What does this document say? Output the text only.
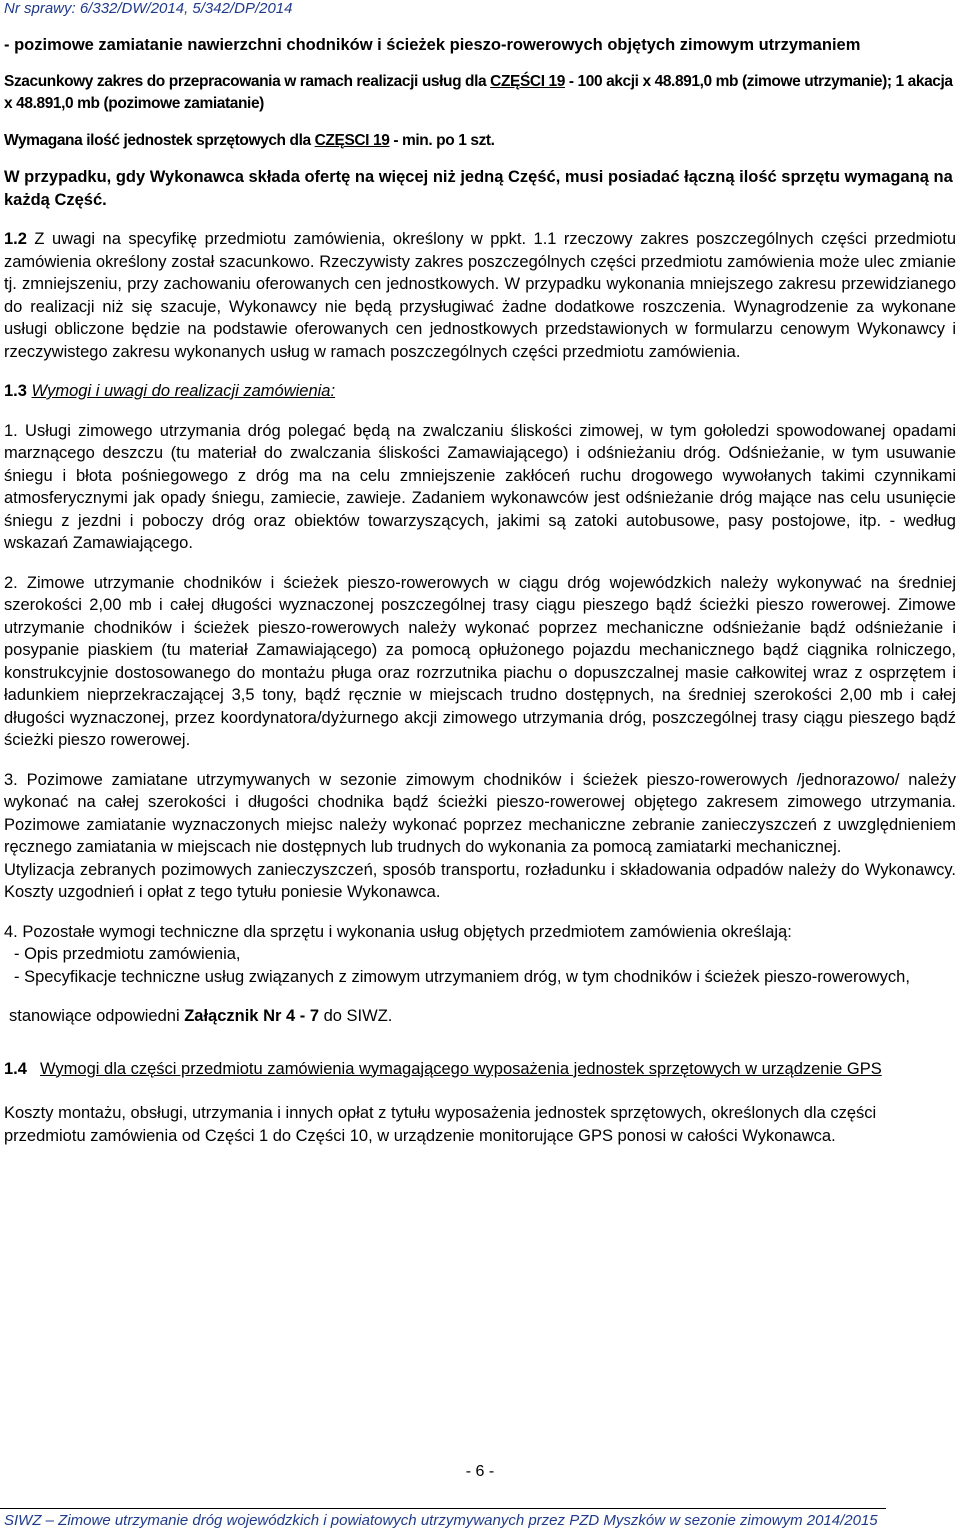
Nr sprawy: 6/332/DW/2014, 5/342/DP/2014

- pozimowe zamiatanie nawierzchni chodników i ścieżek pieszo-rowerowych objętych zimowym utrzymaniem

Szacunkowy zakres do przepracowania w ramach realizacji usług dla CZĘŚCI 19 - 100 akcji x 48.891,0 mb (zimowe utrzymanie); 1 akacja x 48.891,0 mb (pozimowe zamiatanie)

Wymagana ilość jednostek sprzętowych dla CZĘSCI 19 - min. po 1 szt.

W przypadku, gdy Wykonawca składa ofertę na więcej niż jedną Część, musi posiadać łączną ilość sprzętu wymaganą na każdą Część.

1.2 Z uwagi na specyfikę przedmiotu zamówienia, określony w ppkt. 1.1 rzeczowy zakres poszczególnych części przedmiotu zamówienia określony został szacunkowo. Rzeczywisty zakres poszczególnych części przedmiotu zamówienia może ulec zmianie tj. zmniejszeniu, przy zachowaniu oferowanych cen jednostkowych. W przypadku wykonania mniejszego zakresu przewidzianego do realizacji niż się szacuje, Wykonawcy nie będą przysługiwać żadne dodatkowe roszczenia. Wynagrodzenie za wykonane usługi obliczone będzie na podstawie oferowanych cen jednostkowych przedstawionych w formularzu cenowym Wykonawcy i rzeczywistego zakresu wykonanych usług w ramach poszczególnych części przedmiotu zamówienia.

1.3 Wymogi i uwagi do realizacji zamówienia:

1. Usługi zimowego utrzymania dróg polegać będą na zwalczaniu śliskości zimowej, w tym gołoledzi spowodowanej opadami marznącego deszczu (tu materiał do zwalczania śliskości Zamawiającego) i odśnieżaniu dróg. Odśnieżanie, w tym usuwanie śniegu i błota pośniegowego z dróg ma na celu zmniejszenie zakłóceń ruchu drogowego wywołanych takimi czynnikami atmosferycznymi jak opady śniegu, zamiecie, zawieje. Zadaniem wykonawców jest odśnieżanie dróg mające nas celu usunięcie śniegu z jezdni i poboczy dróg oraz obiektów towarzyszących, jakimi są zatoki autobusowe, pasy postojowe, itp. - według wskazań Zamawiającego.

2. Zimowe utrzymanie chodników i ścieżek pieszo-rowerowych w ciągu dróg wojewódzkich należy wykonywać na średniej szerokości 2,00 mb i całej długości wyznaczonej poszczególnej trasy ciągu pieszego bądź ścieżki pieszo rowerowej. Zimowe utrzymanie chodników i ścieżek pieszo-rowerowych należy wykonać poprzez mechaniczne odśnieżanie bądź odśnieżanie i posypanie piaskiem (tu materiał Zamawiającego) za pomocą opłużonego pojazdu mechanicznego bądź ciągnika rolniczego, konstrukcyjnie dostosowanego do montażu pługa oraz rozrzutnika piachu o dopuszczalnej masie całkowitej wraz z osprzętem i ładunkiem nieprzekraczającej 3,5 tony, bądź ręcznie w miejscach trudno dostępnych, na średniej szerokości 2,00 mb i całej długości wyznaczonej, przez koordynatora/dyżurnego akcji zimowego utrzymania dróg, poszczególnej trasy ciągu pieszego bądź ścieżki pieszo rowerowej.

3. Pozimowe zamiatane utrzymywanych w sezonie zimowym chodników i ścieżek pieszo-rowerowych /jednorazowo/ należy wykonać na całej szerokości i długości chodnika bądź ścieżki pieszo-rowerowej objętego zakresem zimowego utrzymania. Pozimowe zamiatanie wyznaczonych miejsc należy wykonać poprzez mechaniczne zebranie zanieczyszczeń z uwzględnieniem ręcznego zamiatania w miejscach nie dostępnych lub trudnych do wykonania za pomocą zamiatarki mechanicznej.

Utylizacja zebranych pozimowych zanieczyszczeń, sposób transportu, rozładunku i składowania odpadów należy do Wykonawcy. Koszty uzgodnień i opłat z tego tytułu poniesie Wykonawca.

4. Pozostałe wymogi techniczne dla sprzętu i wykonania usług objętych przedmiotem zamówienia określają:

- Opis przedmiotu zamówienia,

- Specyfikacje techniczne usług związanych z zimowym utrzymaniem dróg, w tym chodników i ścieżek pieszo-rowerowych,

stanowiące odpowiedni Załącznik Nr 4 - 7 do SIWZ.

1.4 Wymogi dla części przedmiotu zamówienia wymagającego wyposażenia jednostek sprzętowych w urządzenie GPS

Koszty montażu, obsługi, utrzymania i innych opłat z tytułu wyposażenia jednostek sprzętowych, określonych dla części przedmiotu zamówienia od Części 1 do Części 10, w urządzenie monitorujące GPS ponosi w całości Wykonawca.

- 6 -
SIWZ – Zimowe utrzymanie dróg wojewódzkich i powiatowych utrzymywanych przez PZD Myszków w sezonie zimowym 2014/2015
